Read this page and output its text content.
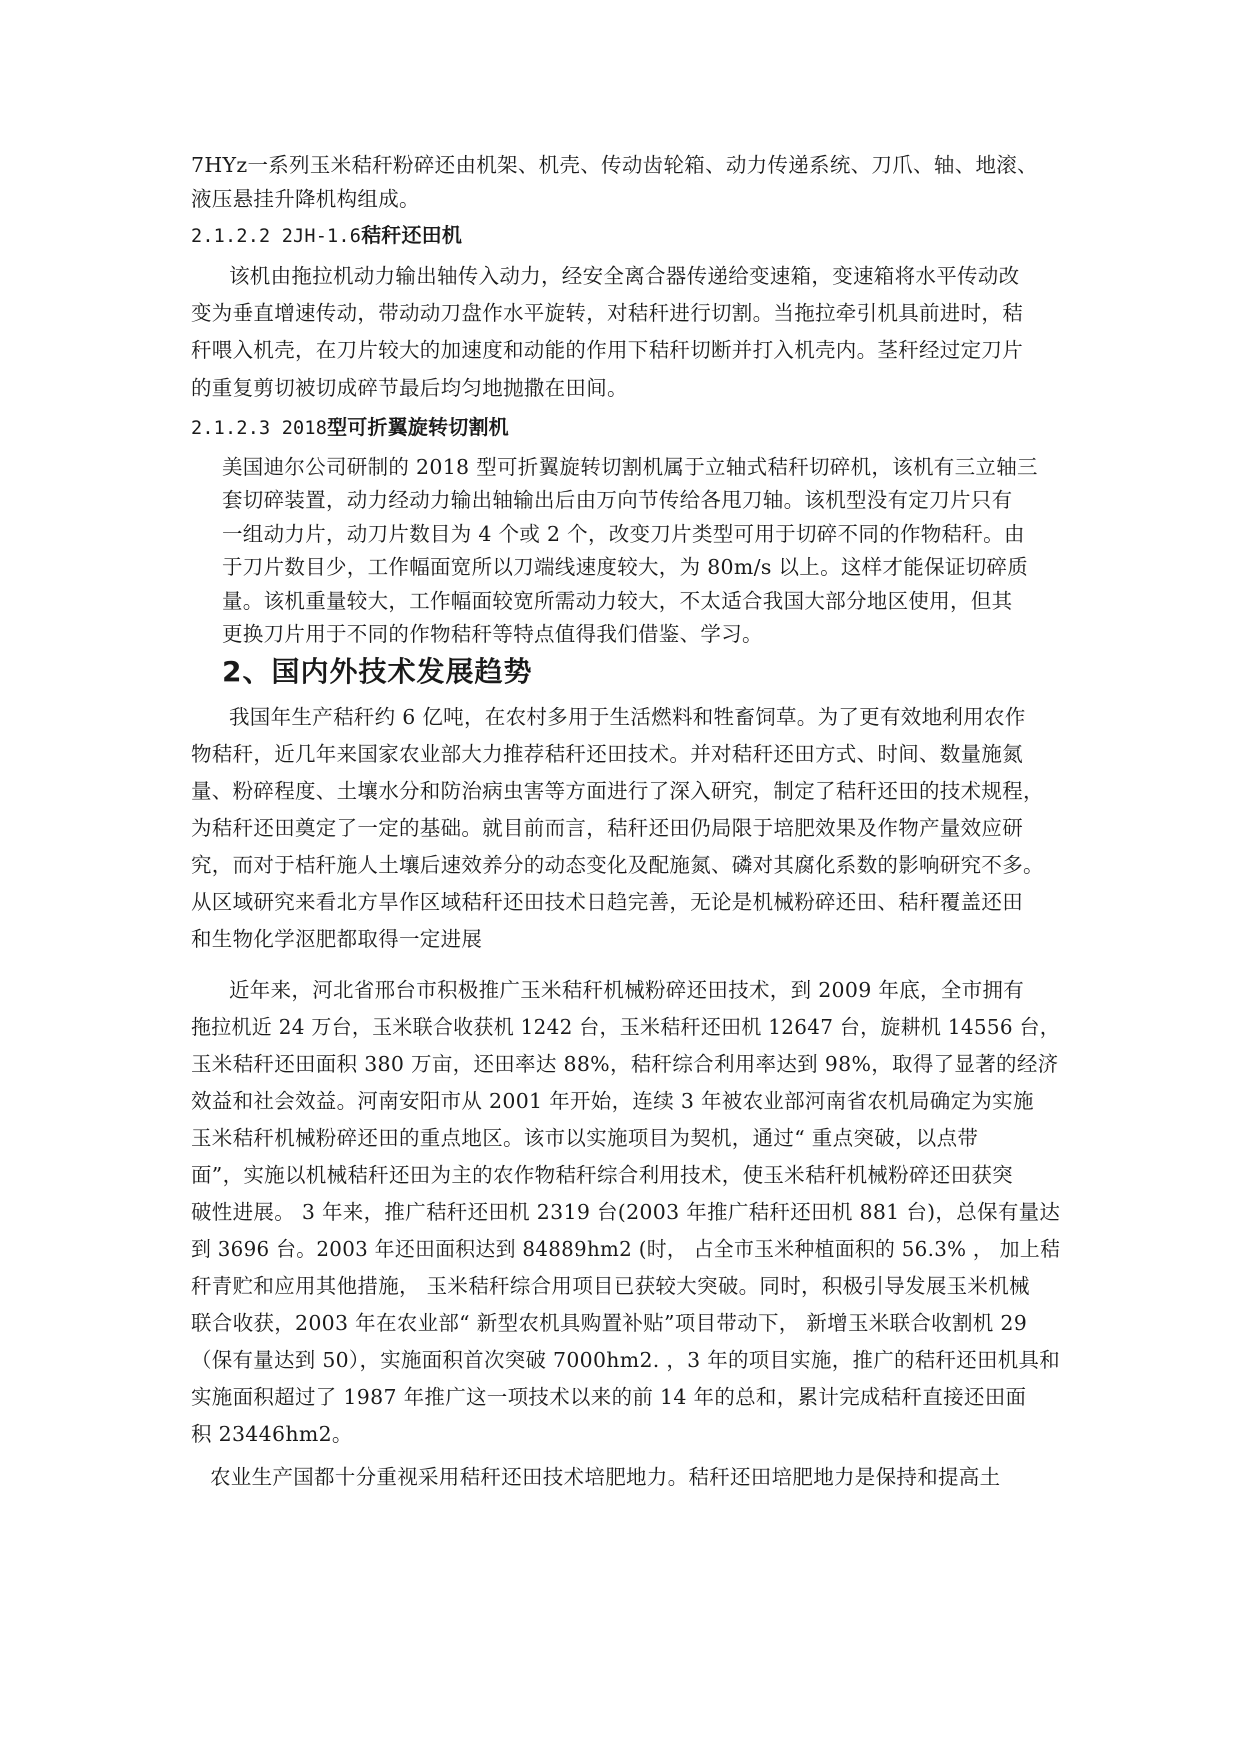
7HYz一系列玉米秸秆粉碎还由机架、机壳、传动齿轮箱、动力传递系统、刀爪、轴、地滚、
液压悬挂升降机构组成。
2.1.2.2 2JH-1.6秸秆还田机
该机由拖拉机动力输出轴传入动力，经安全离合器传递给变速箱，变速箱将水平传动改
变为垂直增速传动，带动动刀盘作水平旋转，对秸秆进行切割。当拖拉牵引机具前进时，秸
秆喂入机壳，在刀片较大的加速度和动能的作用下秸秆切断并打入机壳内。茎秆经过定刀片
的重复剪切被切成碎节最后均匀地抛撒在田间。
2.1.2.3 2018型可折翼旋转切割机
美国迪尔公司研制的 2018 型可折翼旋转切割机属于立轴式秸秆切碎机，该机有三立轴三
套切碎装置，动力经动力输出轴输出后由万向节传给各甩刀轴。该机型没有定刀片只有
一组动力片，动刀片数目为 4 个或 2 个，改变刀片类型可用于切碎不同的作物秸秆。由
于刀片数目少，工作幅面宽所以刀端线速度较大，为 80m/s 以上。这样才能保证切碎质
量。该机重量较大，工作幅面较宽所需动力较大，不太适合我国大部分地区使用，但其
更换刀片用于不同的作物秸秆等特点值得我们借鉴、学习。
2、国内外技术发展趋势
我国年生产秸秆约 6 亿吨，在农村多用于生活燃料和牲畜饲草。为了更有效地利用农作
物秸秆，近几年来国家农业部大力推荐秸秆还田技术。并对秸秆还田方式、时间、数量施氮
量、粉碎程度、土壤水分和防治病虫害等方面进行了深入研究，制定了秸秆还田的技术规程，
为秸秆还田奠定了一定的基础。就目前而言，秸秆还田仍局限于培肥效果及作物产量效应研
究，而对于桔秆施人土壤后速效养分的动态变化及配施氮、磷对其腐化系数的影响研究不多。
从区域研究来看北方旱作区域秸秆还田技术日趋完善，无论是机械粉碎还田、秸秆覆盖还田
和生物化学沤肥都取得一定进展
近年来，河北省邢台市积极推广玉米秸秆机械粉碎还田技术，到 2009 年底，全市拥有
拖拉机近 24 万台，玉米联合收获机 1242 台，玉米秸秆还田机 12647 台，旋耕机 14556 台，
玉米秸秆还田面积 380 万亩，还田率达 88%，秸秆综合利用率达到 98%，取得了显著的经济
效益和社会效益。河南安阳市从 2001 年开始，连续 3 年被农业部河南省农机局确定为实施
玉米秸秆机械粉碎还田的重点地区。该市以实施项目为契机，通过“ 重点突破，以点带
面”，实施以机械秸秆还田为主的农作物秸秆综合利用技术，使玉米秸秆机械粉碎还田获突
破性进展。 3 年来，推广秸秆还田机 2319 台(2003 年推广秸秆还田机 881 台)，总保有量达
到 3696 台。2003 年还田面积达到 84889hm2 (时， 占全市玉米种植面积的 56.3% ， 加上秸
秆青贮和应用其他措施， 玉米秸秆综合用项目已获较大突破。同时，积极引导发展玉米机械
联合收获，2003 年在农业部“ 新型农机具购置补贴”项目带动下， 新增玉米联合收割机 29
（保有量达到 50），实施面积首次突破 7000hm2. ，3 年的项目实施，推广的秸秆还田机具和
实施面积超过了 1987 年推广这一项技术以来的前 14 年的总和，累计完成秸秆直接还田面
积 23446hm2。
农业生产国都十分重视采用秸秆还田技术培肥地力。秸秆还田培肥地力是保持和提高土
